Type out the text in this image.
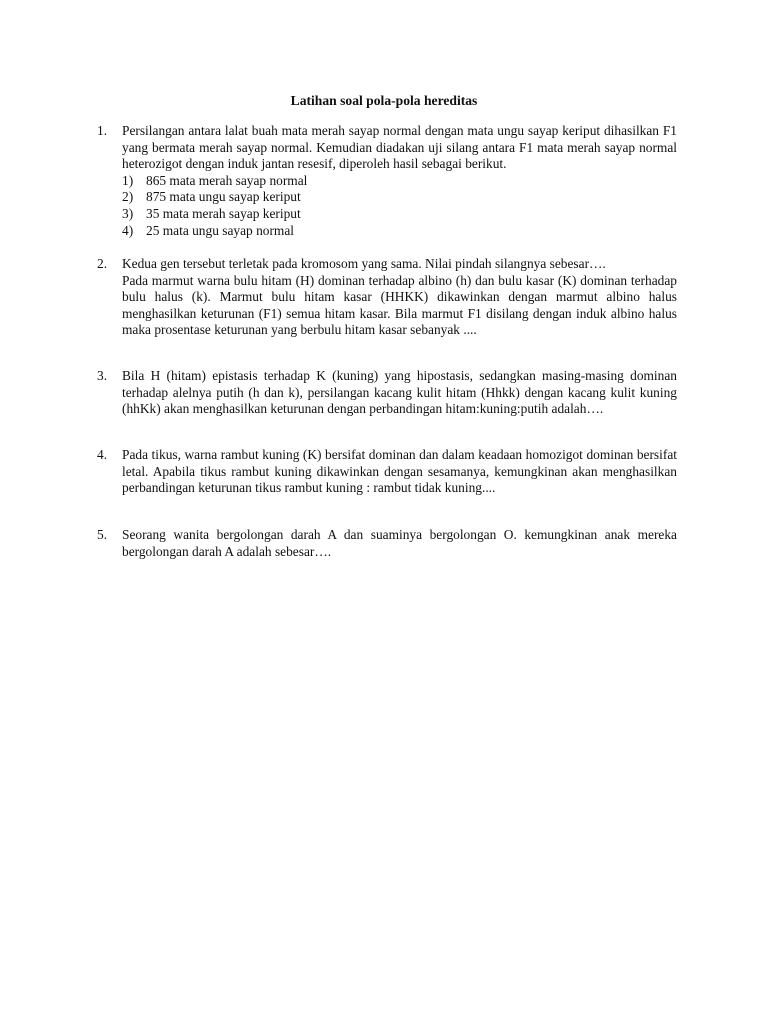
Latihan soal pola-pola hereditas
1.	Persilangan antara lalat buah mata merah sayap normal dengan mata ungu sayap keriput dihasilkan F1 yang bermata merah sayap normal. Kemudian diadakan uji silang antara F1 mata merah sayap normal heterozigot dengan induk jantan resesif, diperoleh hasil sebagai berikut.

1) 865 mata merah sayap normal
2) 875 mata ungu sayap keriput
3) 35 mata merah sayap keriput
4) 25 mata ungu sayap normal
2.	Kedua gen tersebut terletak pada kromosom yang sama. Nilai pindah silangnya sebesar….

Pada marmut warna bulu hitam (H) dominan terhadap albino (h) dan bulu kasar (K) dominan terhadap bulu halus (k). Marmut bulu hitam kasar (HHKK) dikawinkan dengan marmut albino halus menghasilkan keturunan (F1) semua hitam kasar. Bila marmut F1 disilang dengan induk albino halus maka prosentase keturunan yang berbulu hitam kasar sebanyak ....

3.	Bila H (hitam) epistasis terhadap K (kuning) yang hipostasis, sedangkan masing-masing dominan terhadap alelnya putih (h dan k), persilangan kacang kulit hitam (Hhkk) dengan kacang kulit kuning (hhKk) akan menghasilkan keturunan dengan perbandingan hitam:kuning:putih adalah….

4.	Pada tikus, warna rambut kuning (K) bersifat dominan dan dalam keadaan homozigot dominan bersifat letal. Apabila tikus rambut kuning dikawinkan dengan sesamanya, kemungkinan akan menghasilkan perbandingan keturunan tikus rambut kuning : rambut tidak kuning....

5.	Seorang wanita bergolongan darah A dan suaminya bergolongan O. kemungkinan anak mereka bergolongan darah A adalah sebesar….
